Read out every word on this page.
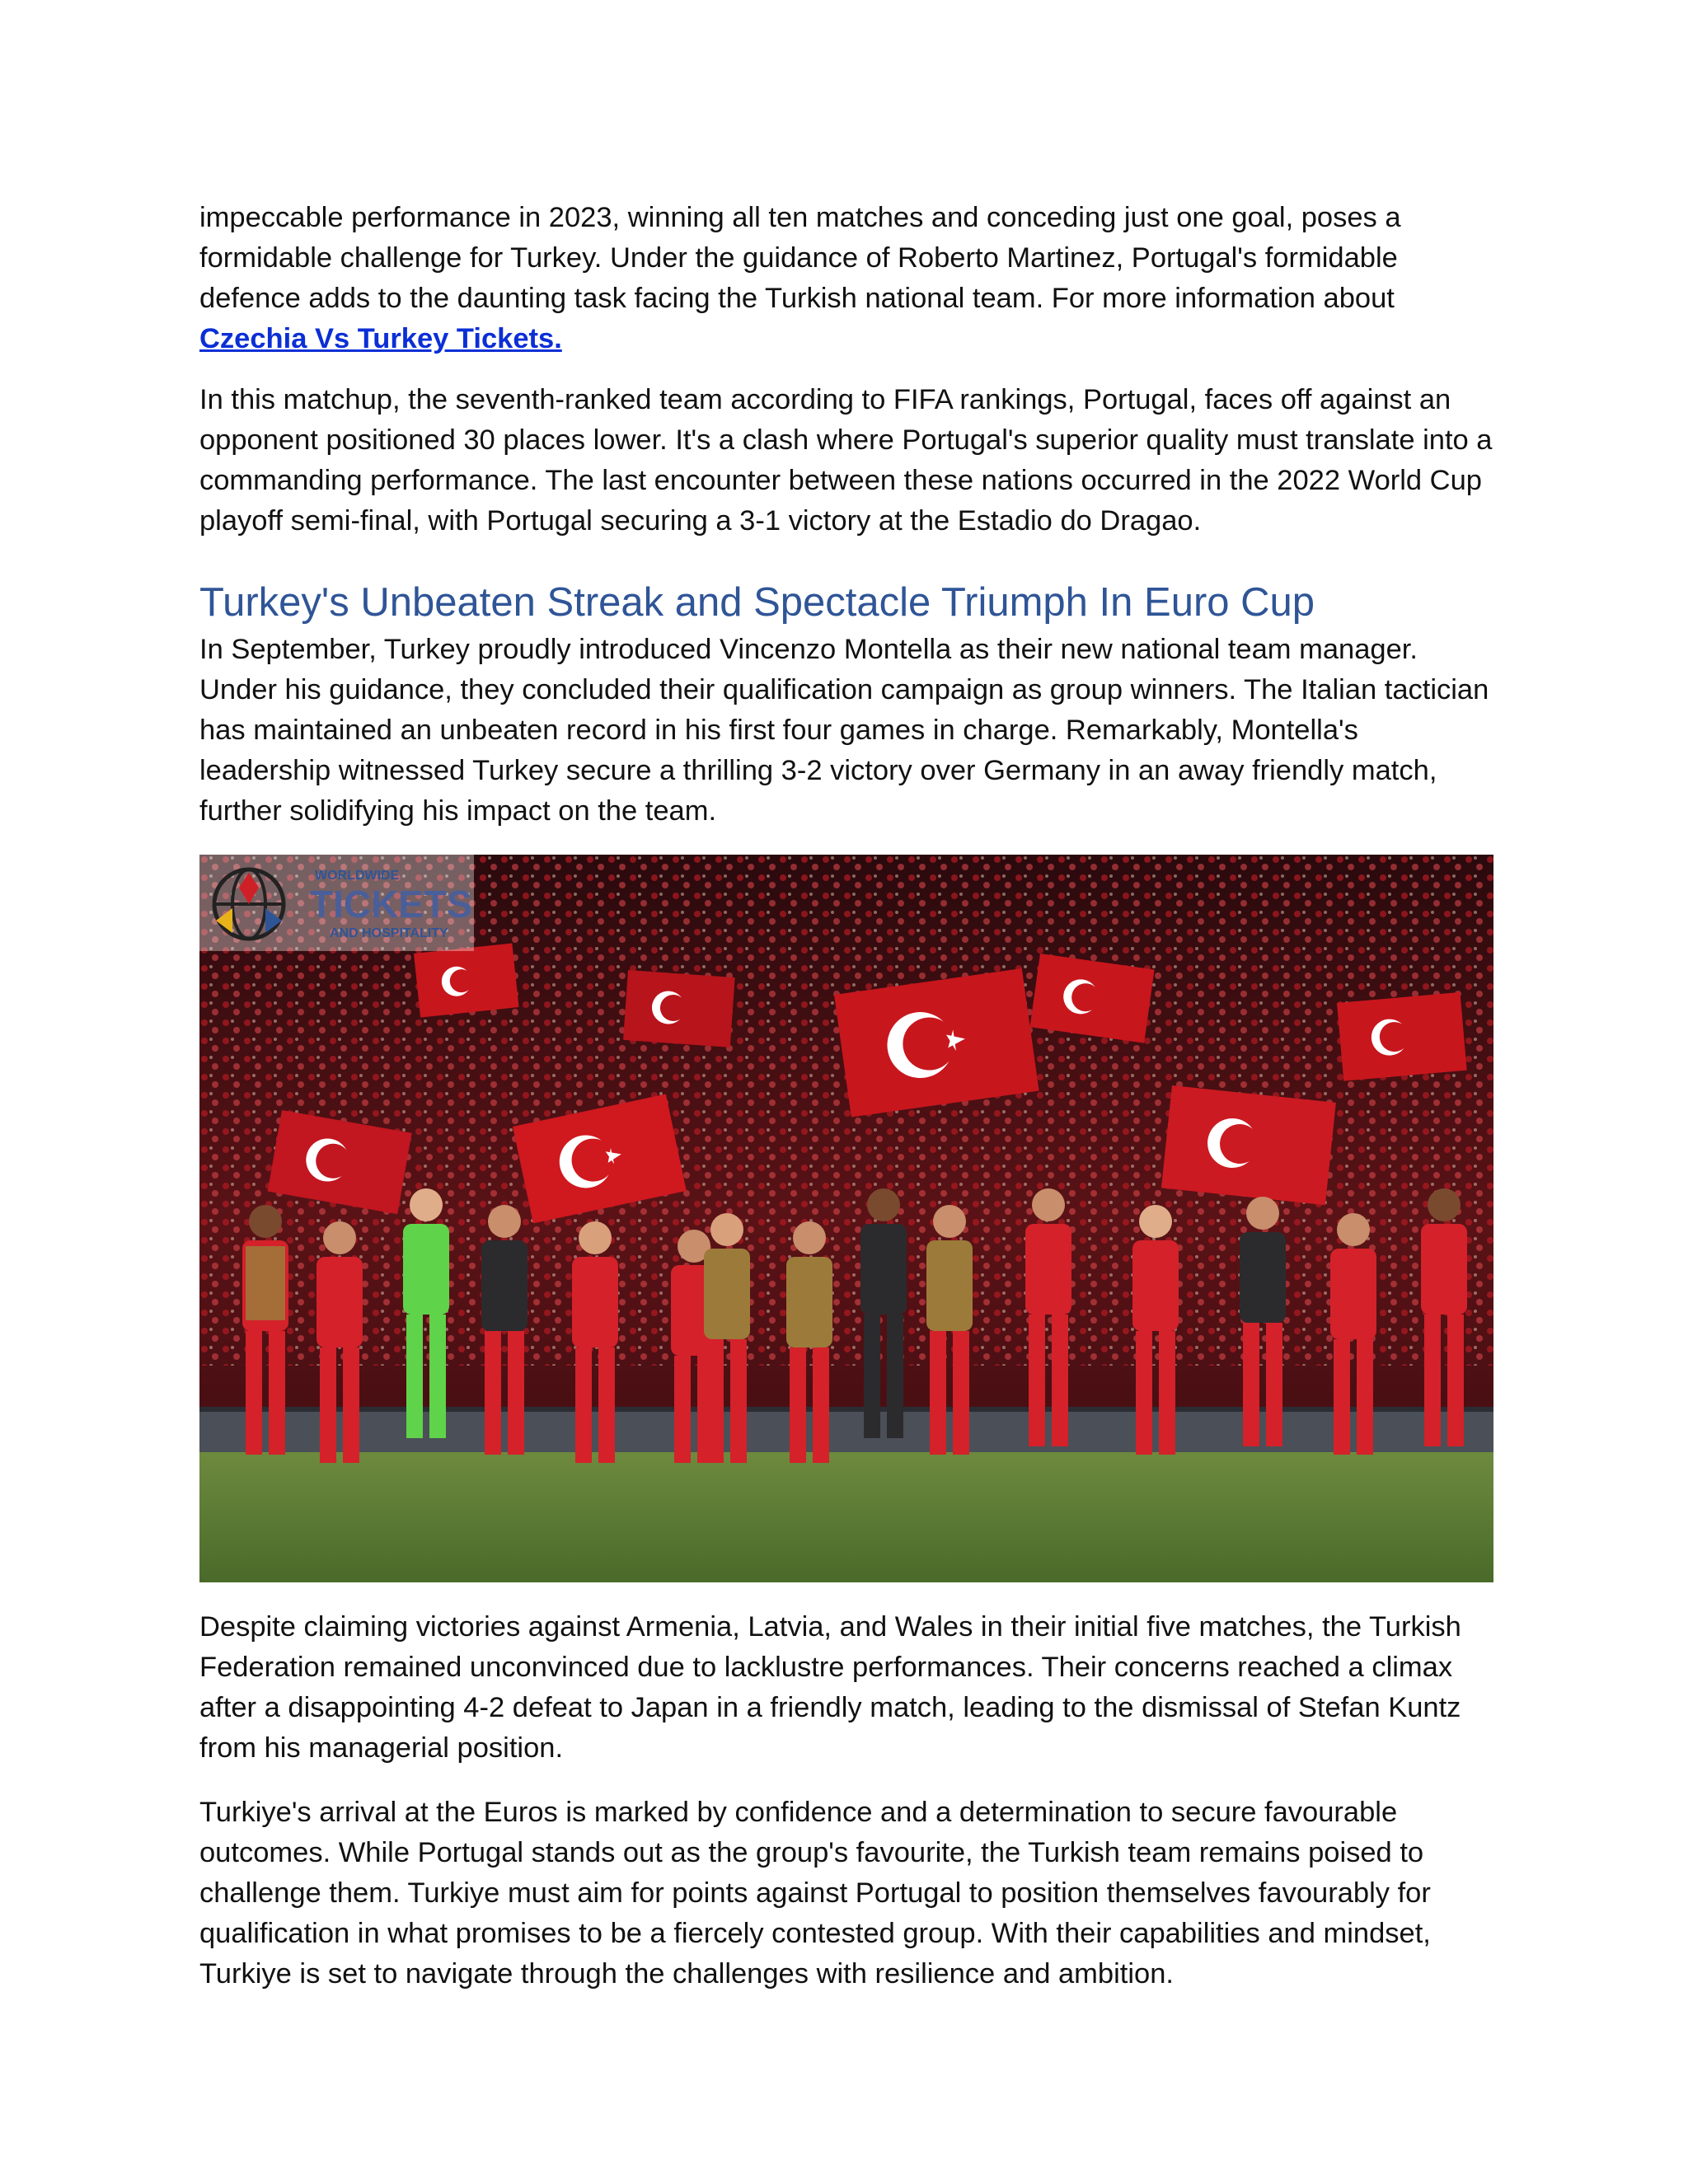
impeccable performance in 2023, winning all ten matches and conceding just one goal, poses a formidable challenge for Turkey. Under the guidance of Roberto Martinez, Portugal's formidable defence adds to the daunting task facing the Turkish national team. For more information about Czechia Vs Turkey Tickets.

In this matchup, the seventh-ranked team according to FIFA rankings, Portugal, faces off against an opponent positioned 30 places lower. It's a clash where Portugal's superior quality must translate into a commanding performance. The last encounter between these nations occurred in the 2022 World Cup playoff semi-final, with Portugal securing a 3-1 victory at the Estadio do Dragao.

Turkey's Unbeaten Streak and Spectacle Triumph In Euro Cup

In September, Turkey proudly introduced Vincenzo Montella as their new national team manager. Under his guidance, they concluded their qualification campaign as group winners. The Italian tactician has maintained an unbeaten record in his first four games in charge. Remarkably, Montella's leadership witnessed Turkey secure a thrilling 3-2 victory over Germany in an away friendly match, further solidifying his impact on the team.

WORLDWIDE
TICKETS
AND HOSPITALITY

Despite claiming victories against Armenia, Latvia, and Wales in their initial five matches, the Turkish Federation remained unconvinced due to lacklustre performances. Their concerns reached a climax after a disappointing 4-2 defeat to Japan in a friendly match, leading to the dismissal of Stefan Kuntz from his managerial position.

Turkiye's arrival at the Euros is marked by confidence and a determination to secure favourable outcomes. While Portugal stands out as the group's favourite, the Turkish team remains poised to challenge them. Turkiye must aim for points against Portugal to position themselves favourably for qualification in what promises to be a fiercely contested group. With their capabilities and mindset, Turkiye is set to navigate through the challenges with resilience and ambition.
